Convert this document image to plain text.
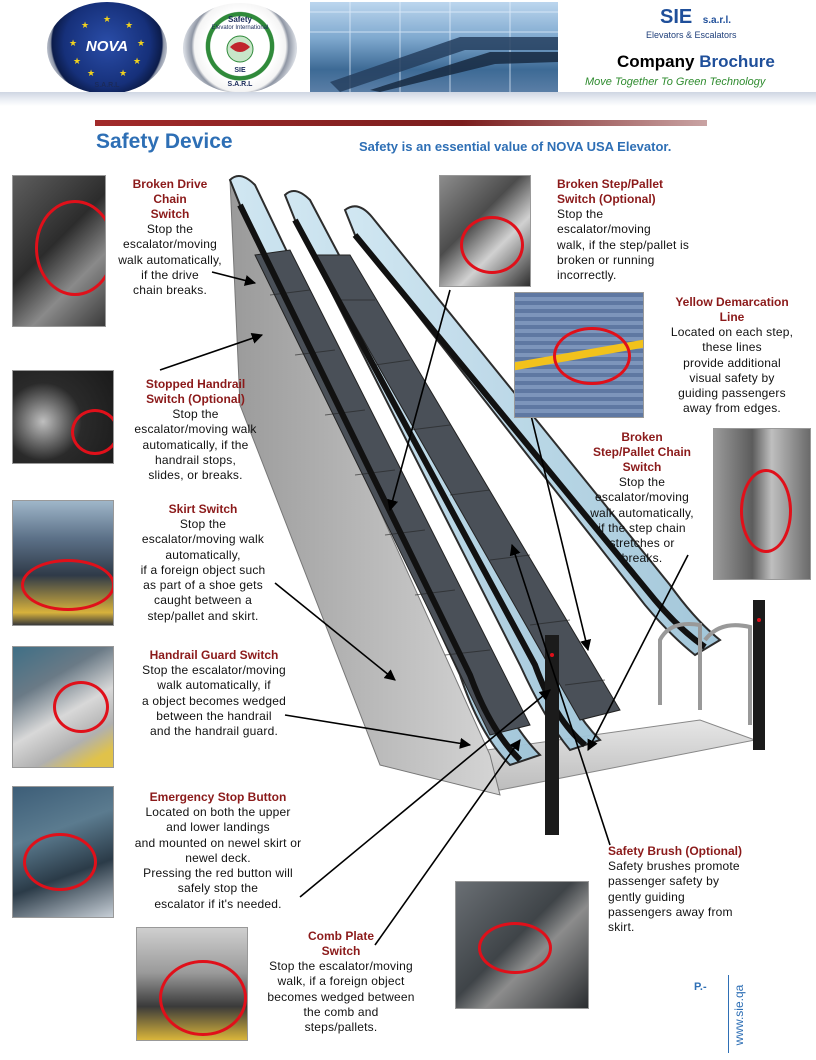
★
★	★
★	★
★	★
★	★
NOVA
S.A.R.L
Safety
Elevator International
SIE
S.A.R.L
SIE s.a.r.l.
Elevators & Escalators
Company Brochure
Move Together To Green Technology
Safety Device	Safety is an essential value of NOVA USA Elevator.
Broken Drive
Chain
Switch
Stop the
escalator/moving
walk automatically,
if the drive
chain breaks.
Stopped Handrail
Switch (Optional)
Stop the
escalator/moving walk
automatically, if the
handrail stops,
slides, or breaks.
Skirt Switch
Stop the
escalator/moving walk
automatically,
if a foreign object such
as part of a shoe gets
caught between a
step/pallet and skirt.
Handrail Guard Switch
Stop the escalator/moving
walk automatically, if
a object becomes wedged
between the handrail
and the handrail guard.
Emergency Stop Button
Located on both the upper
and lower landings
and mounted on newel skirt or
newel deck.
Pressing the red button will
safely stop the
escalator if it's needed.
Comb Plate
Switch
Stop the escalator/moving
walk, if a foreign object
becomes wedged between
the comb and
steps/pallets.
Broken Step/Pallet
Switch (Optional)
Stop the
escalator/moving
walk, if the step/pallet is
broken or running
incorrectly.
Yellow Demarcation
Line
Located on each step,
these lines
provide additional
visual safety by
guiding passengers
away from edges.
Broken
Step/Pallet Chain
Switch
Stop the
escalator/moving
walk automatically,
if the step chain
stretches or
breaks.
Safety Brush (Optional)
Safety brushes promote
passenger safety by
gently guiding
passengers away from
skirt.
P.- www.sie.qa
